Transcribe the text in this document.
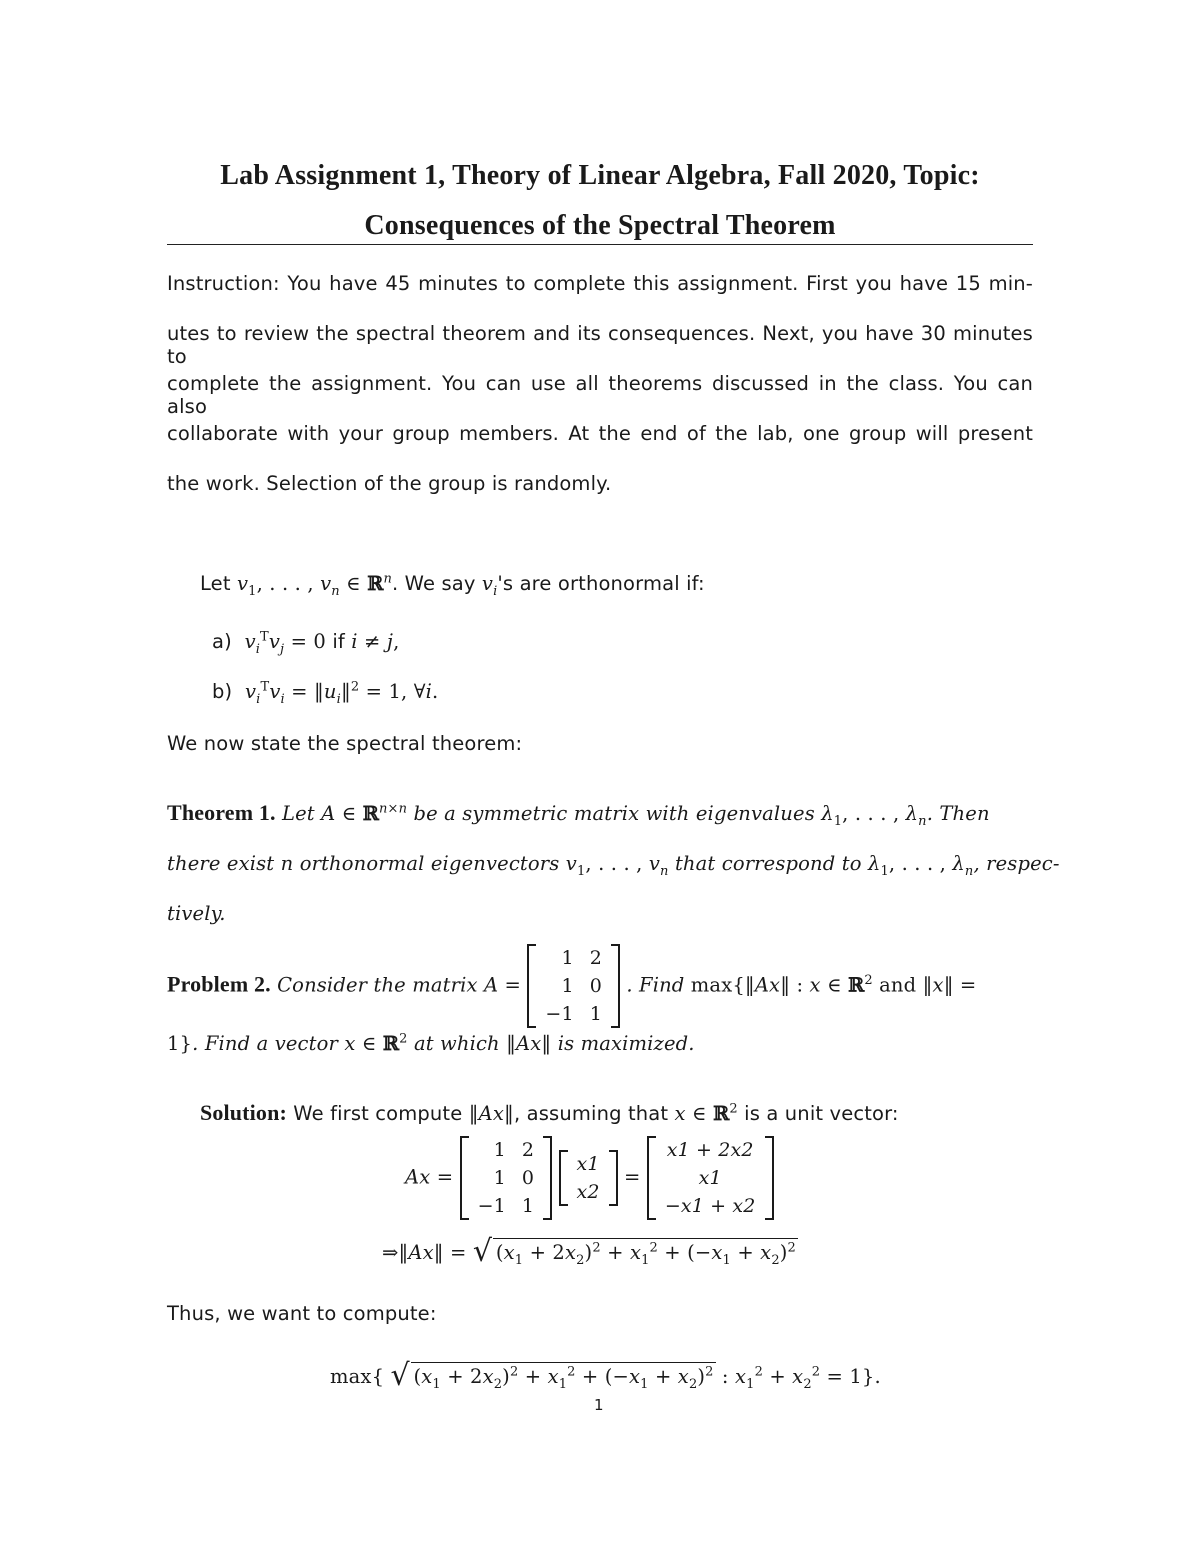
Lab Assignment 1, Theory of Linear Algebra, Fall 2020, Topic:
Consequences of the Spectral Theorem
Instruction: You have 45 minutes to complete this assignment. First you have 15 min-
utes to review the spectral theorem and its consequences. Next, you have 30 minutes to
complete the assignment. You can use all theorems discussed in the class. You can also
collaborate with your group members. At the end of the lab, one group will present
the work. Selection of the group is randomly.
Let $v_1$, . . . , $v_n$ ∈ ℝ$^n$. We say $v_i's$ are orthonormal if:
a) $v_i^Tv_j = 0$ if i ≠ j,
b) $v_i^Tv_i$ = $‖u_i‖^2 = 1$, ∀i.
We now state the spectral theorem:
Theorem 1. Let A ∈ ℝ$^{n\times n}$ be a symmetric matrix with eigenvalues $\lambda_1$, . . . , $\lambda_n$. Then
there exist n orthonormal eigenvectors $v_1$, . . . , $v_n$ that correspond to $\lambda_1$, . . . , $\lambda_n$, respec-
tively.
Problem 2. Consider the matrix A =
1	2
1	0
−1	1
. Find max{‖Ax‖ : x ∈ ℝ$^2$ and ‖x‖ =
1}. Find a vector x ∈ ℝ$^2$ at which ‖Ax‖ is maximized.
Solution: We first compute ‖Ax‖, assuming that x ∈ ℝ$^2$ is a unit vector:
Ax =
1	2
1	0
−1	1

x1
x2
=
x1 + 2x2
x1
−x1 + x2
⇒‖Ax‖ = √ $(x_1 + 2x_2)^2 + x_1^2 + (-x_1 + x_2)^2$
Thus, we want to compute:
max{ √ $(x_1 + 2x_2)^2 + x_1^2 + (-x_1 + x_2)^2$ : $x_1^2 + x_2^2 = 1$}.
1
